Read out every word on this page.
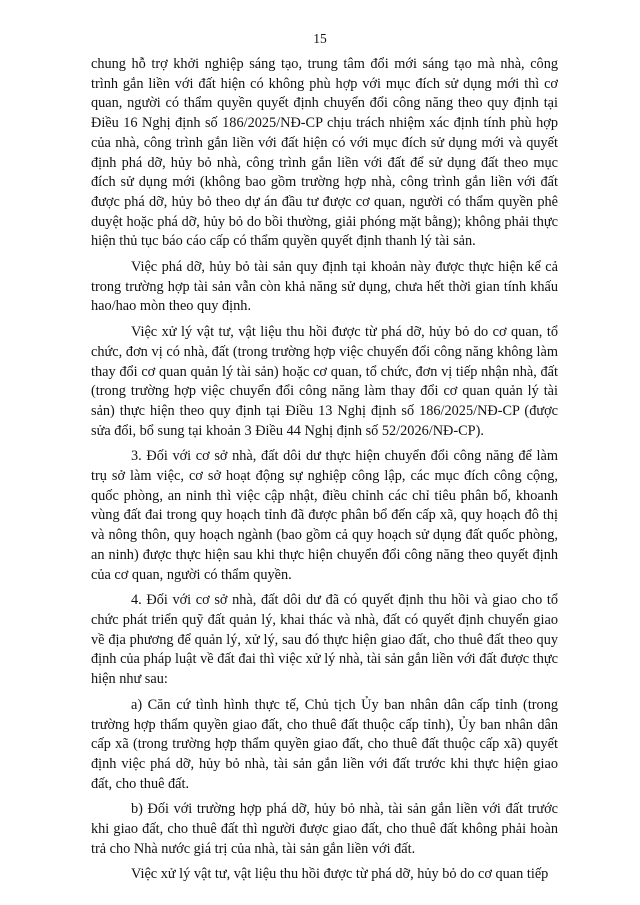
15

chung hỗ trợ khởi nghiệp sáng tạo, trung tâm đổi mới sáng tạo mà nhà, công trình gắn liền với đất hiện có không phù hợp với mục đích sử dụng mới thì cơ quan, người có thẩm quyền quyết định chuyển đổi công năng theo quy định tại Điều 16 Nghị định số 186/2025/NĐ-CP chịu trách nhiệm xác định tính phù hợp của nhà, công trình gắn liền với đất hiện có với mục đích sử dụng mới và quyết định phá dỡ, hủy bỏ nhà, công trình gắn liền với đất để sử dụng đất theo mục đích sử dụng mới (không bao gồm trường hợp nhà, công trình gắn liền với đất được phá dỡ, hủy bỏ theo dự án đầu tư được cơ quan, người có thẩm quyền phê duyệt hoặc phá dỡ, hủy bỏ do bồi thường, giải phóng mặt bằng); không phải thực hiện thủ tục báo cáo cấp có thẩm quyền quyết định thanh lý tài sản.

Việc phá dỡ, hủy bỏ tài sản quy định tại khoản này được thực hiện kể cả trong trường hợp tài sản vẫn còn khả năng sử dụng, chưa hết thời gian tính khấu hao/hao mòn theo quy định.

Việc xử lý vật tư, vật liệu thu hồi được từ phá dỡ, hủy bỏ do cơ quan, tổ chức, đơn vị có nhà, đất (trong trường hợp việc chuyển đổi công năng không làm thay đổi cơ quan quản lý tài sản) hoặc cơ quan, tổ chức, đơn vị tiếp nhận nhà, đất (trong trường hợp việc chuyển đổi công năng làm thay đổi cơ quan quản lý tài sản) thực hiện theo quy định tại Điều 13 Nghị định số 186/2025/NĐ-CP (được sửa đổi, bổ sung tại khoản 3 Điều 44 Nghị định số 52/2026/NĐ-CP).

3. Đối với cơ sở nhà, đất dôi dư thực hiện chuyển đổi công năng để làm trụ sở làm việc, cơ sở hoạt động sự nghiệp công lập, các mục đích công cộng, quốc phòng, an ninh thì việc cập nhật, điều chỉnh các chỉ tiêu phân bổ, khoanh vùng đất đai trong quy hoạch tỉnh đã được phân bổ đến cấp xã, quy hoạch đô thị và nông thôn, quy hoạch ngành (bao gồm cả quy hoạch sử dụng đất quốc phòng, an ninh) được thực hiện sau khi thực hiện chuyển đổi công năng theo quyết định của cơ quan, người có thẩm quyền.

4. Đối với cơ sở nhà, đất dôi dư đã có quyết định thu hồi và giao cho tổ chức phát triển quỹ đất quản lý, khai thác và nhà, đất có quyết định chuyển giao về địa phương để quản lý, xử lý, sau đó thực hiện giao đất, cho thuê đất theo quy định của pháp luật về đất đai thì việc xử lý nhà, tài sản gắn liền với đất được thực hiện như sau:

a) Căn cứ tình hình thực tế, Chủ tịch Ủy ban nhân dân cấp tỉnh (trong trường hợp thẩm quyền giao đất, cho thuê đất thuộc cấp tỉnh), Ủy ban nhân dân cấp xã (trong trường hợp thẩm quyền giao đất, cho thuê đất thuộc cấp xã) quyết định việc phá dỡ, hủy bỏ nhà, tài sản gắn liền với đất trước khi thực hiện giao đất, cho thuê đất.

b) Đối với trường hợp phá dỡ, hủy bỏ nhà, tài sản gắn liền với đất trước khi giao đất, cho thuê đất thì người được giao đất, cho thuê đất không phải hoàn trả cho Nhà nước giá trị của nhà, tài sản gắn liền với đất.

Việc xử lý vật tư, vật liệu thu hồi được từ phá dỡ, hủy bỏ do cơ quan tiếp
